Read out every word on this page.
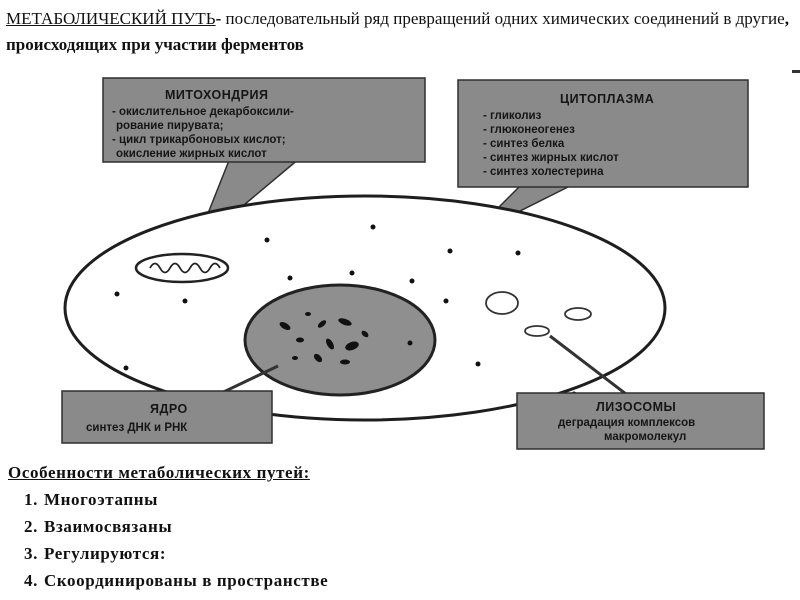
МЕТАБОЛИЧЕСКИЙ ПУТЬ- последовательный ряд превращений одних химических соединений в другие, происходящих при участии ферментов
МИТОХОНДРИЯ
- окислительное декарбоксили-
рование пирувата;
- цикл трикарбоновых кислот;
окисление жирных кислот
ЦИТОПЛАЗМА
- гликолиз
- глюконеогенез
- синтез белка
- синтез жирных кислот
- синтез холестерина
ЯДРО
синтез ДНК и РНК
ЛИЗОСОМЫ
деградация комплексов
макромолекул
Особенности метаболических путей:
1. Многоэтапны
2. Взаимосвязаны
3. Регулируются:
4. Скоординированы в пространстве
